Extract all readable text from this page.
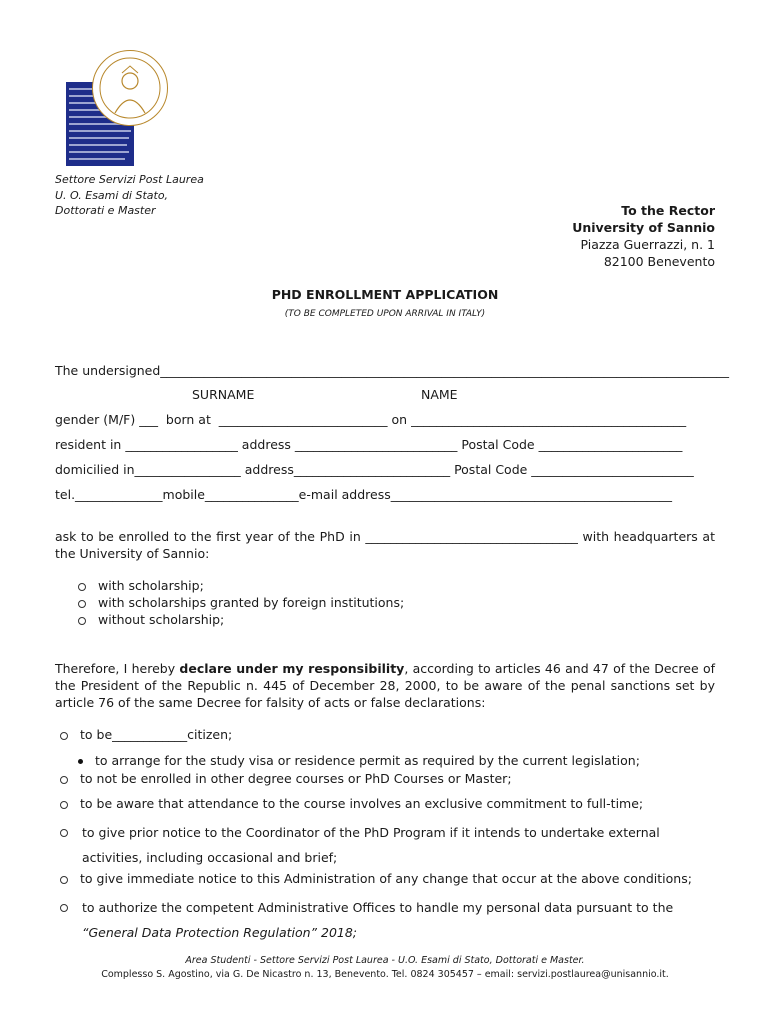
Settore Servizi Post Laurea
U. O. Esami di Stato,
Dottorati e Master	To the Rector
University of Sannio
Piazza Guerrazzi, n. 1
82100 Benevento
PHD ENROLLMENT APPLICATION
(TO BE COMPLETED UPON ARRIVAL IN ITALY)
The undersigned___________________________________________________________________________________________
SURNAME	NAME
gender (M/F) ___  born at  ___________________________ on ____________________________________________
resident in __________________ address __________________________ Postal Code _______________________
domicilied in_________________ address_________________________ Postal Code __________________________
tel.______________mobile_______________e-mail address_____________________________________________
ask to be enrolled to the first year of the PhD in __________________________________ with headquarters at the University of Sannio:
with scholarship;
with scholarships granted by foreign institutions;
without scholarship;
Therefore, I hereby declare under my responsibility, according to articles 46 and 47 of the Decree of the President of the Republic n. 445 of December 28, 2000, to be aware of the penal sanctions set by article 76 of the same Decree for falsity of acts or false declarations:
to be____________citizen;
to arrange for the study visa or residence permit as required by the current legislation;
to not be enrolled in other degree courses or PhD Courses or Master;
to be aware that attendance to the course involves an exclusive commitment to full-time;
to give prior notice to the Coordinator of the PhD Program if it intends to undertake external activities, including occasional and brief;
to give immediate notice to this Administration of any change that occur at the above conditions;
to authorize the competent Administrative Offices to handle my personal data pursuant to the “General Data Protection Regulation” 2018;
Area Studenti - Settore Servizi Post Laurea - U.O. Esami di Stato, Dottorati e Master.
Complesso S. Agostino, via G. De Nicastro n. 13, Benevento. Tel. 0824 305457 – email: servizi.postlaurea@unisannio.it.
